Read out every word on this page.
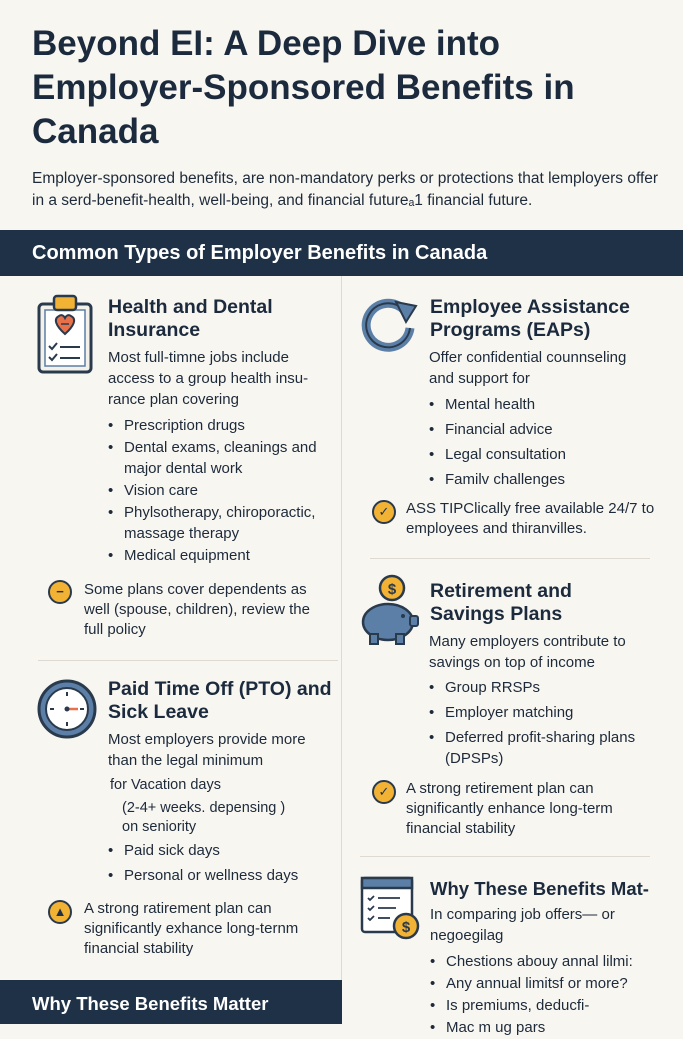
Beyond EI: A Deep Dive into Employer-Sponsored Benefits in Canada

Employer-sponsored benefits, are non-mandatory perks or protections that lemployers offer in a serd-benefit-health, well-being, and financial futureₐ1 financial future.

Common Types of Employer Benefits in Canada
Health and Dental Insurance

Most full-timne jobs include access to a group health insu-rance plan covering

• Prescription drugs
• Dental exams, cleanings and major dental work
• Vision care
• Phylsotherapy, chiroporactic, massage therapy
• Medical equipment
−	Some plans cover dependents as well (spouse, children), review the full policy

Paid Time Off (PTO) and Sick Leave

Most employers provide more than the legal minimum

for Vacation days

(2-4+ weeks. depensing )

on seniority

• Paid sick days
• Personal or wellness days
▲	A strong ratirement plan can significantly exhance long-ternm financial stability

Employee Assistance Programs (EAPs)

Offer confidential counnseling and support for

• Mental health
• Financial advice
• Legal consultation
• Familv challenges
✓	ASS TIPClically free available 24/7 to employees and thiranvilles.

$ Retirement and Savings Plans

Many employers contribute to savings on top of income

• Group RRSPs
• Employer matching
• Deferred profit-sharing plans (DPSPs)
✓	A strong retirement plan can significantly enhance long-term financial stability

$
Why These Benefits Mat-

In comparing job offers— or negoegilag

• Chestions abouy annal lilmi:
• Any annual limitsf or more?
• Is premiums, deducfi-
• Mac m ug pars
Why These Benefits Matter
